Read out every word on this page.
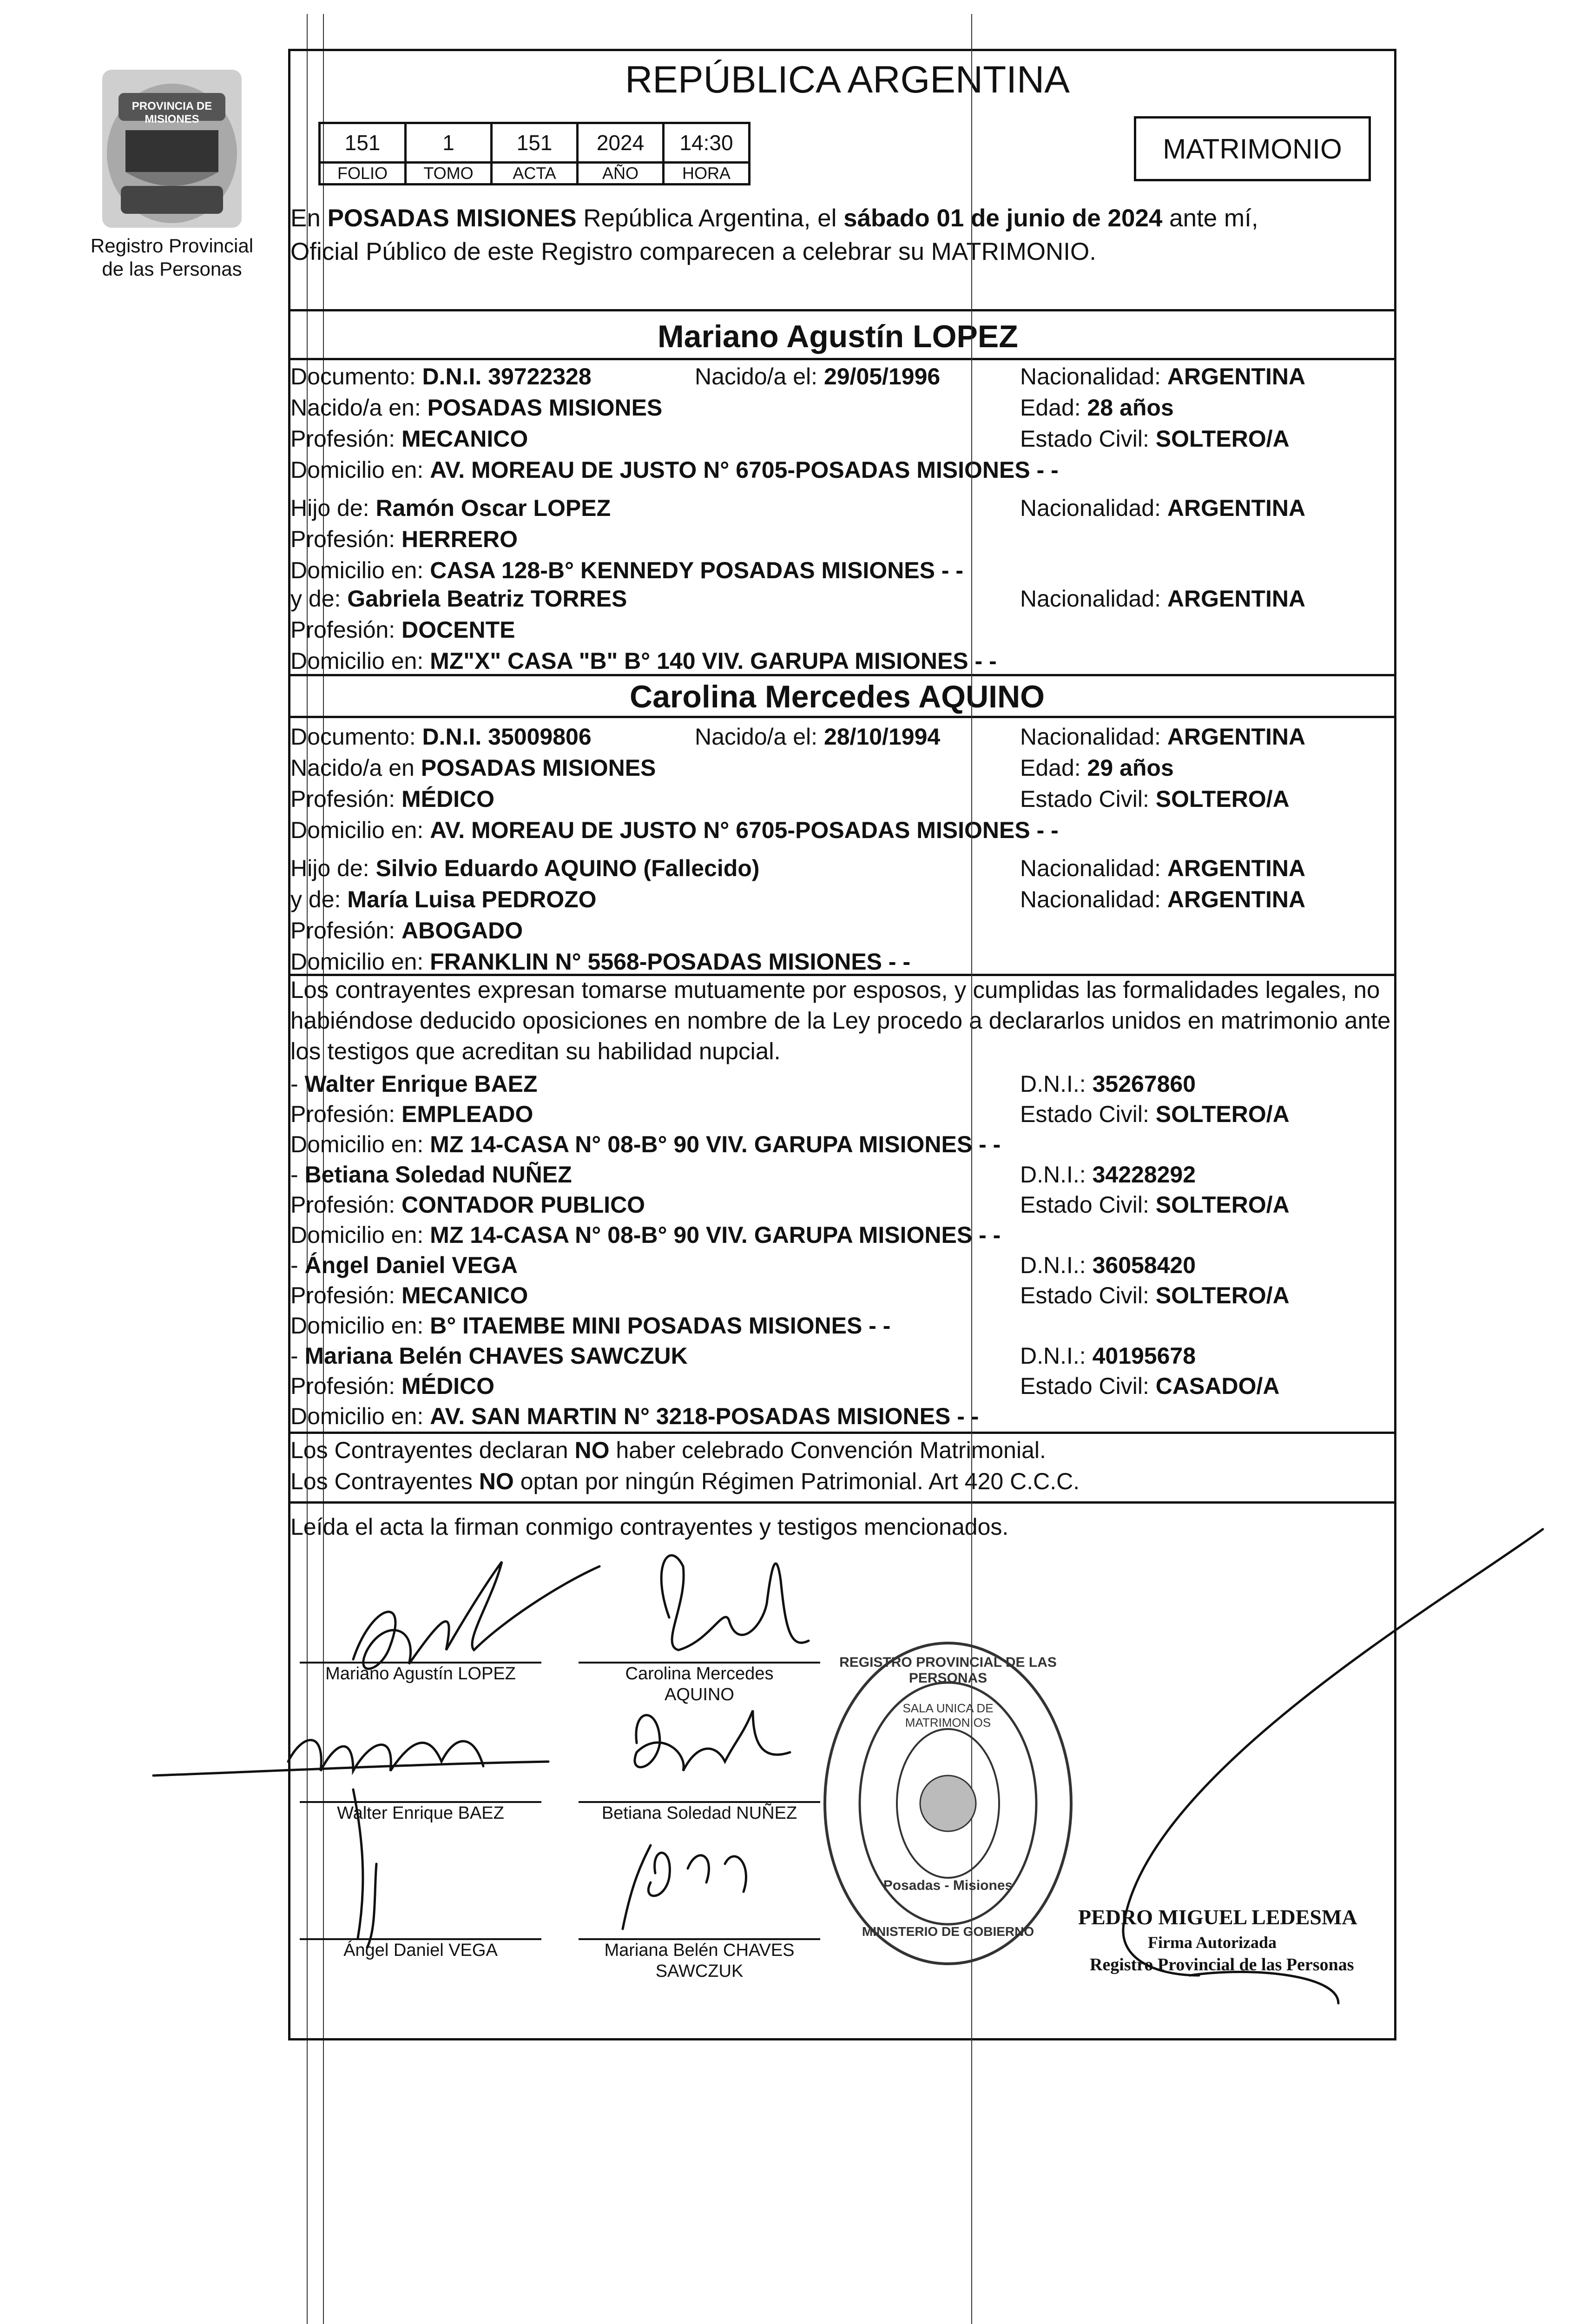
PROVINCIA DE MISIONES
Registro Provincial
de las Personas
REPÚBLICA ARGENTINA
151	1	151	2024	14:30
FOLIO	TOMO	ACTA	AÑO	HORA
MATRIMONIO
En POSADAS MISIONES República Argentina, el sábado 01 de junio de 2024 ante mí,
Oficial Público de este Registro comparecen a celebrar su MATRIMONIO.
Mariano Agustín LOPEZ
Documento: D.N.I. 39722328	Nacido/a el: 29/05/1996	Nacionalidad: ARGENTINA
Nacido/a en: POSADAS MISIONES	Edad: 28 años
Profesión: MECANICO	Estado Civil: SOLTERO/A
Domicilio en: AV. MOREAU DE JUSTO N° 6705-POSADAS MISIONES - -
Hijo de: Ramón Oscar LOPEZ	Nacionalidad: ARGENTINA
Profesión: HERRERO
Domicilio en: CASA 128-B° KENNEDY POSADAS MISIONES - -
y de: Gabriela Beatriz TORRES	Nacionalidad: ARGENTINA
Profesión: DOCENTE
Domicilio en: MZ"X" CASA "B" B° 140 VIV. GARUPA MISIONES - -
Carolina Mercedes AQUINO
Documento: D.N.I. 35009806	Nacido/a el: 28/10/1994	Nacionalidad: ARGENTINA
Nacido/a en POSADAS MISIONES	Edad: 29 años
Profesión: MÉDICO	Estado Civil: SOLTERO/A
Domicilio en: AV. MOREAU DE JUSTO N° 6705-POSADAS MISIONES - -
Hijo de: Silvio Eduardo AQUINO (Fallecido)	Nacionalidad: ARGENTINA
y de: María Luisa PEDROZO	Nacionalidad: ARGENTINA
Profesión: ABOGADO
Domicilio en: FRANKLIN N° 5568-POSADAS MISIONES - -
Los contrayentes expresan tomarse mutuamente por esposos, y cumplidas las formalidades legales, no
habiéndose deducido oposiciones en nombre de la Ley procedo a declararlos unidos en matrimonio ante
los testigos que acreditan su habilidad nupcial.
- Walter Enrique BAEZ	D.N.I.: 35267860
Profesión: EMPLEADO	Estado Civil: SOLTERO/A
Domicilio en: MZ 14-CASA N° 08-B° 90 VIV. GARUPA MISIONES - -
- Betiana Soledad NUÑEZ	D.N.I.: 34228292
Profesión: CONTADOR PUBLICO	Estado Civil: SOLTERO/A
Domicilio en: MZ 14-CASA N° 08-B° 90 VIV. GARUPA MISIONES - -
- Ángel Daniel VEGA	D.N.I.: 36058420
Profesión: MECANICO	Estado Civil: SOLTERO/A
Domicilio en: B° ITAEMBE MINI POSADAS MISIONES - -
- Mariana Belén CHAVES SAWCZUK	D.N.I.: 40195678
Profesión: MÉDICO	Estado Civil: CASADO/A
Domicilio en: AV. SAN MARTIN N° 3218-POSADAS MISIONES - -
Los Contrayentes declaran NO haber celebrado Convención Matrimonial.
Los Contrayentes NO optan por ningún Régimen Patrimonial. Art 420 C.C.C.
Leída el acta la firman conmigo contrayentes y testigos mencionados.
Mariano Agustín LOPEZ	Carolina Mercedes
AQUINO
Walter Enrique BAEZ	Betiana Soledad NUÑEZ
Ángel Daniel VEGA	Mariana Belén CHAVES
SAWCZUK
REGISTRO PROVINCIAL DE LAS PERSONAS
SALA UNICA DE MATRIMONIOS
Posadas - Misiones
MINISTERIO DE GOBIERNO
PEDRO MIGUEL LEDESMA
Firma Autorizada
Registro Provincial de las Personas
